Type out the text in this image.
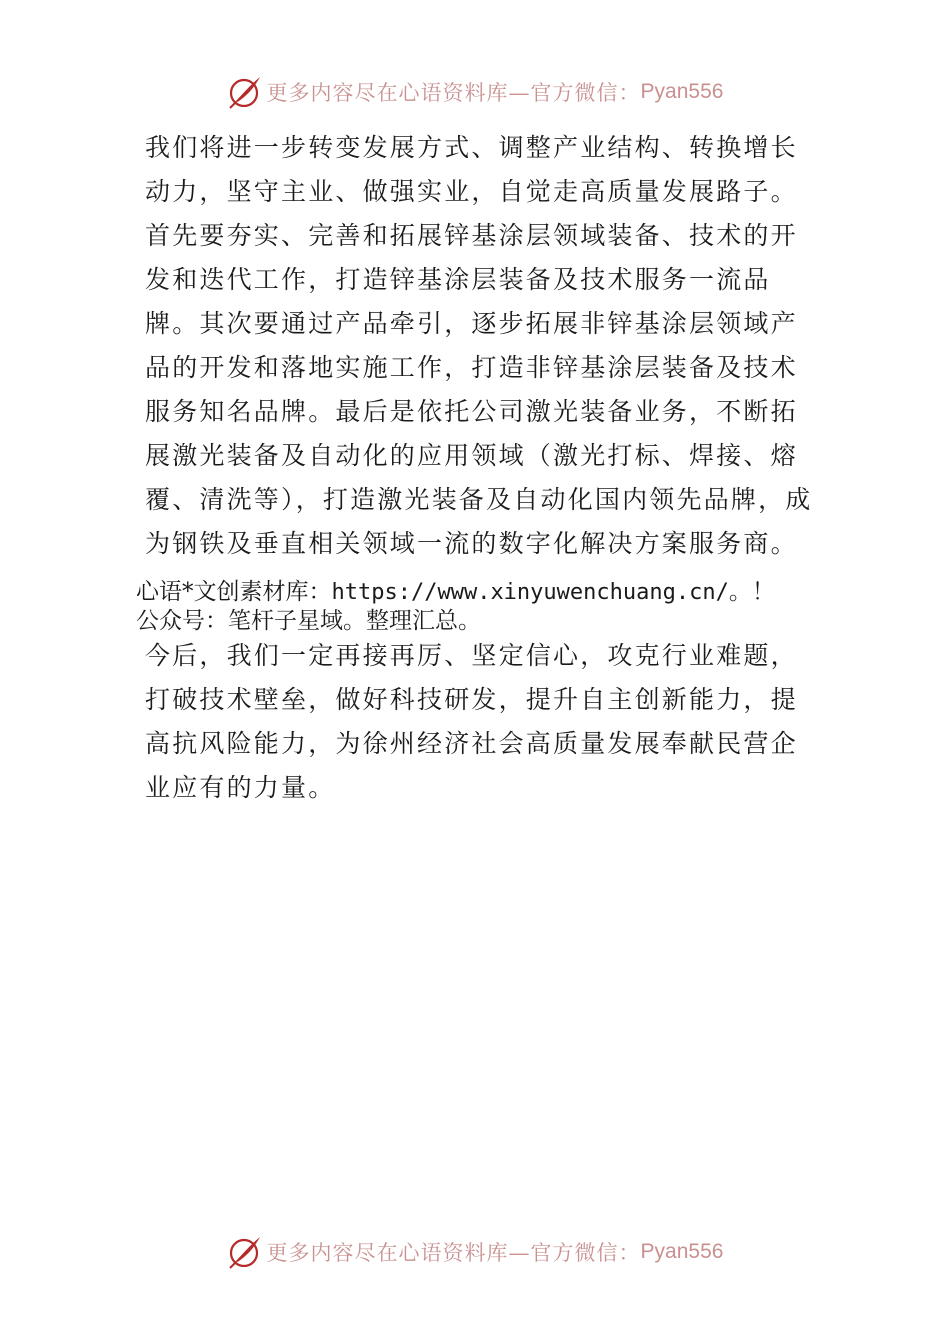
更多内容尽在心语资料库—官方微信： Pyan556

我们将进一步转变发展方式、调整产业结构、转换增长动力，坚守主业、做强实业，自觉走高质量发展路子。首先要夯实、完善和拓展锌基涂层领域装备、技术的开发和迭代工作，打造锌基涂层装备及技术服务一流品牌。其次要通过产品牵引，逐步拓展非锌基涂层领域产品的开发和落地实施工作，打造非锌基涂层装备及技术服务知名品牌。最后是依托公司激光装备业务，不断拓展激光装备及自动化的应用领域（激光打标、焊接、熔覆、清洗等），打造激光装备及自动化国内领先品牌，成为钢铁及垂直相关领域一流的数字化解决方案服务商。

心语*文创素材库：https://www.xinyuwenchuang.cn/。！

公众号：笔杆子星域。整理汇总。

今后，我们一定再接再厉、坚定信心，攻克行业难题，打破技术壁垒，做好科技研发，提升自主创新能力，提高抗风险能力，为徐州经济社会高质量发展奉献民营企业应有的力量。

更多内容尽在心语资料库—官方微信： Pyan556
